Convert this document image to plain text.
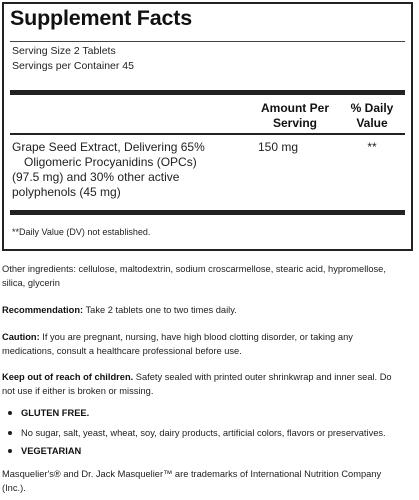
Supplement Facts
Serving Size 2 Tablets
Servings per Container 45
Amount Per
Serving
% Daily
Value
Grape Seed Extract, Delivering 65%
Oligomeric Procyanidins (OPCs)
(97.5 mg) and 30% other active
polyphenols (45 mg)
150 mg	**
**Daily Value (DV) not established.
Other ingredients: cellulose, maltodextrin, sodium croscarmellose, stearic acid, hypromellose,
silica, glycerin
Recommendation: Take 2 tablets one to two times daily.
Caution: If you are pregnant, nursing, have high blood clotting disorder, or taking any
medications, consult a healthcare professional before use.
Keep out of reach of children. Safety sealed with printed outer shrinkwrap and inner seal. Do
not use if either is broken or missing.
GLUTEN FREE.
No sugar, salt, yeast, wheat, soy, dairy products, artificial colors, flavors or preservatives.
VEGETARIAN
Masquelier's® and Dr. Jack Masquelier™ are trademarks of International Nutrition Company
(Inc.).
